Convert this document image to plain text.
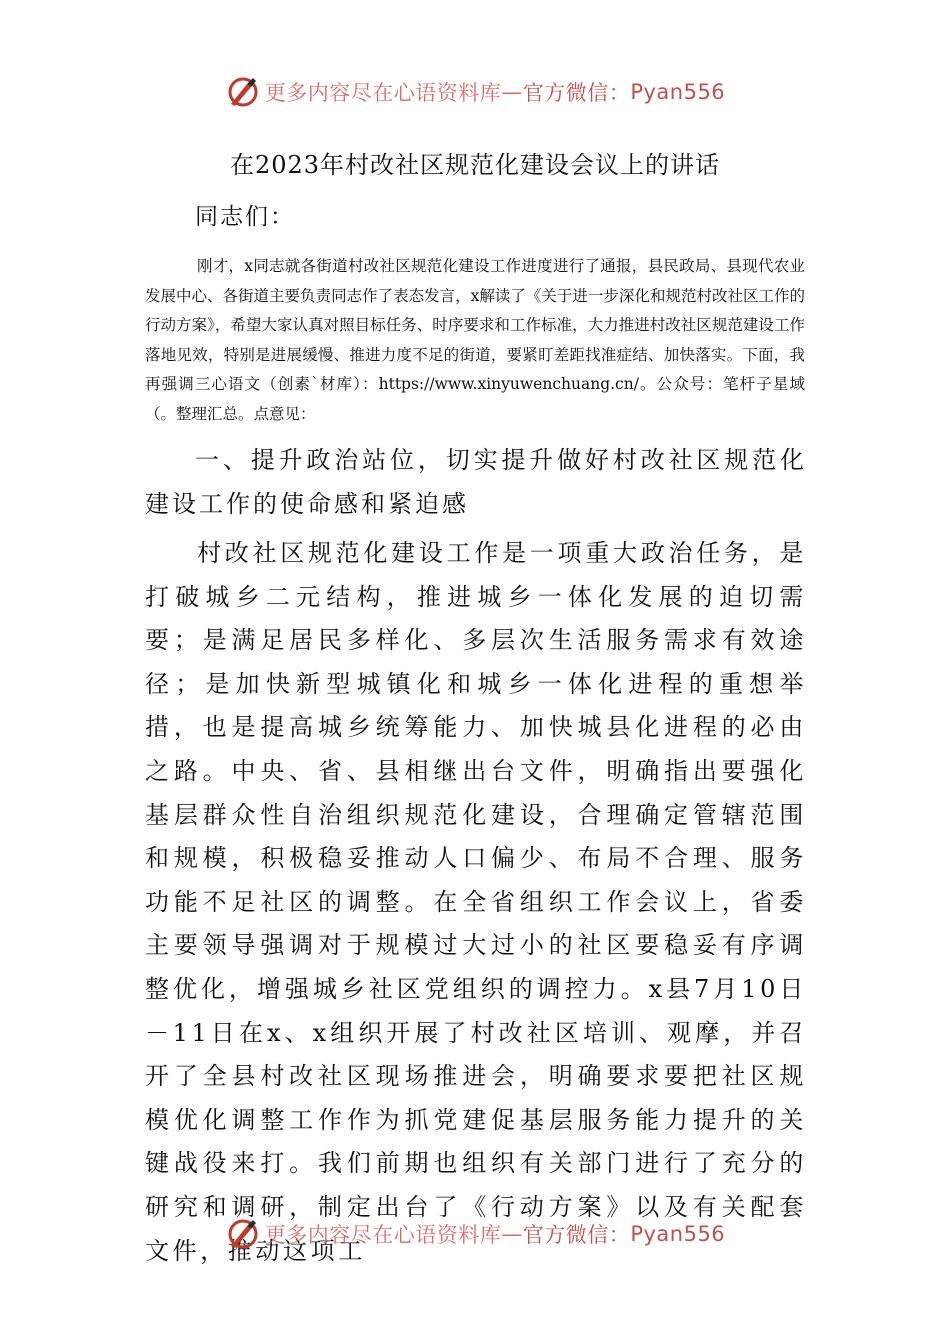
更多内容尽在心语资料库 — 官方微信： Pyan556
在2023年村改社区规范化建设会议上的讲话
同志们：
刚才，x同志就各街道村改社区规范化建设工作进度进行了通报，县民政局、县现代农业发展中心、各街道主要负责同志作了表态发言，x解读了《关于进一步深化和规范村改社区工作的行动方案》，希望大家认真对照目标任务、时序要求和工作标准，大力推进村改社区规范建设工作落地见效，特别是进展缓慢、推进力度不足的街道，要紧盯差距找准症结、加快落实。下面，我再强调三心语文（创素`材库）：https://www.xinyuwenchuang.cn/。公众号：笔杆子星域（。整理汇总。点意见：
一、提升政治站位，切实提升做好村改社区规范化建设工作的使命感和紧迫感
村改社区规范化建设工作是一项重大政治任务，是打破城乡二元结构，推进城乡一体化发展的迫切需要；是满足居民多样化、多层次生活服务需求有效途径；是加快新型城镇化和城乡一体化进程的重想举措，也是提高城乡统筹能力、加快城县化进程的必由之路。中央、省、县相继出台文件，明确指出要强化基层群众性自治组织规范化建设，合理确定管辖范围和规模，积极稳妥推动人口偏少、布局不合理、服务功能不足社区的调整。在全省组织工作会议上，省委主要领导强调对于规模过大过小的社区要稳妥有序调整优化，增强城乡社区党组织的调控力。x县7月10日－11日在x、x组织开展了村改社区培训、观摩，并召开了全县村改社区现场推进会，明确要求要把社区规模优化调整工作作为抓党建促基层服务能力提升的关键战役来打。我们前期也组织有关部门进行了充分的研究和调研，制定出台了《行动方案》以及有关配套文件，推动这项工
更多内容尽在心语资料库 — 官方微信： Pyan556
